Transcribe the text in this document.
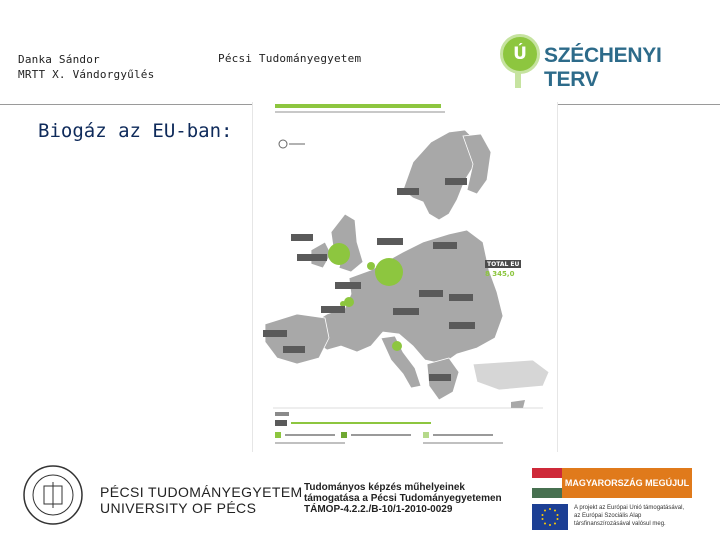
Danka Sándor
MRTT X. Vándorgyűlés
Pécsi Tudományegyetem	Ú SZÉCHENYI TERV
Biogáz az EU-ban:
TOTAL EU
8 345,0
PÉCSI TUDOMÁNYEGYETEM
UNIVERSITY OF PÉCS
Tudományos képzés műhelyeinek
támogatása a Pécsi Tudományegyetemen
TÁMOP-4.2.2./B-10/1-2010-0029
MAGYARORSZÁG MEGÚJUL
A projekt az Európai Unió támogatásával, az Európai Szociális Alap társfinanszírozásával valósul meg.
